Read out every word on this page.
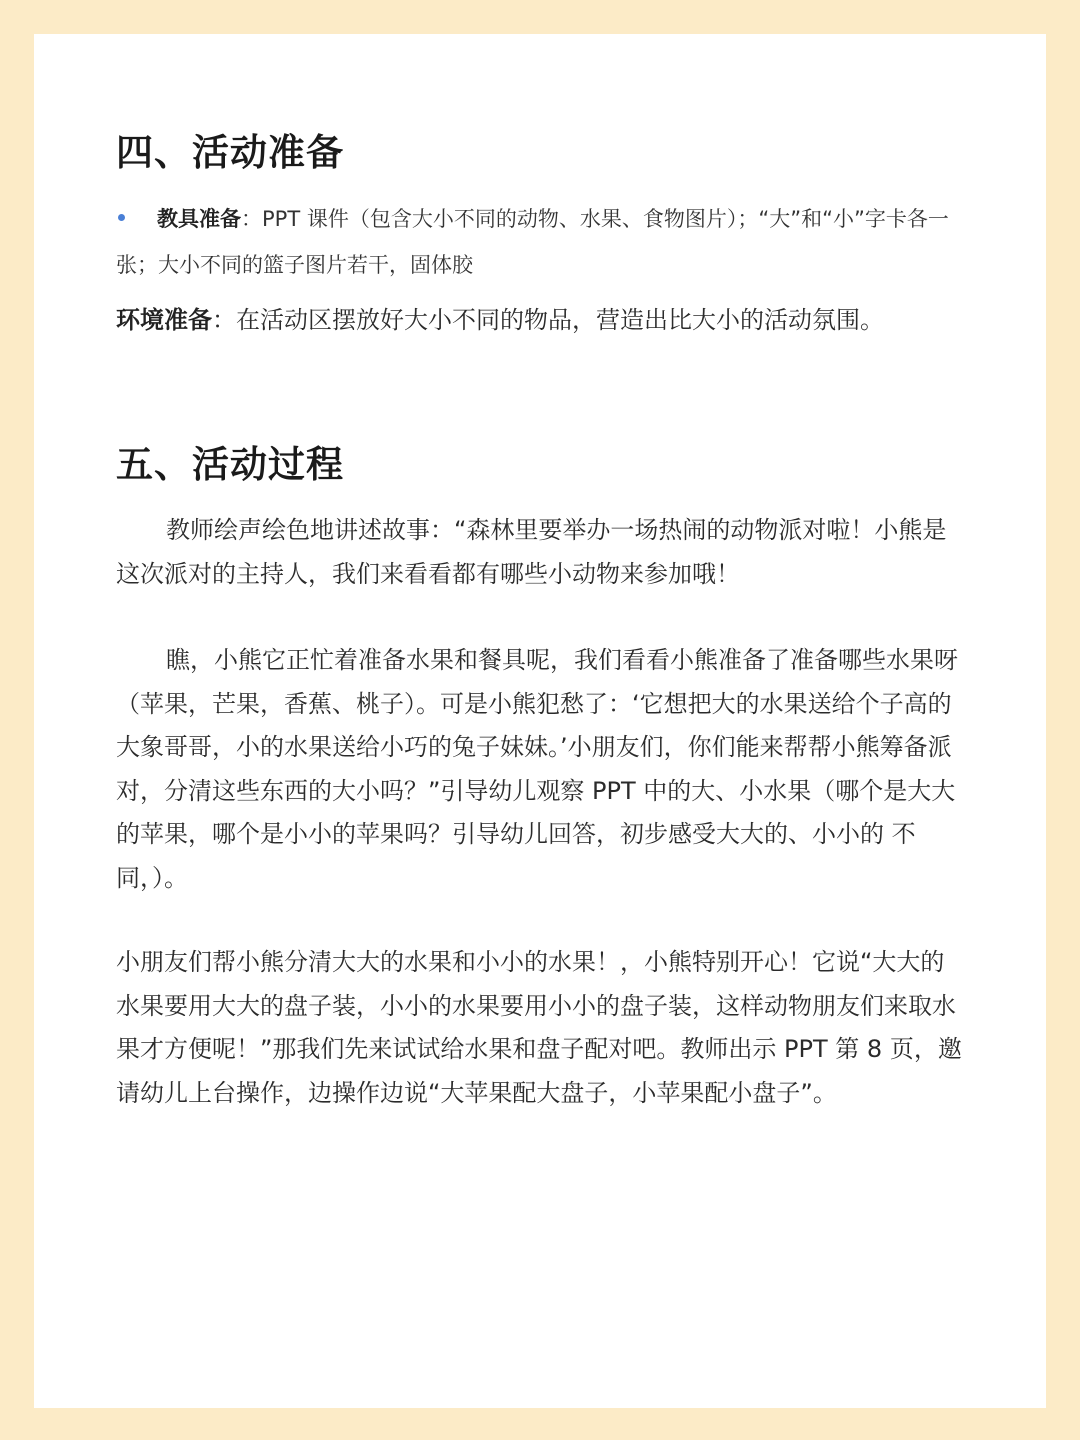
四、活动准备
教具准备：PPT 课件（包含大小不同的动物、水果、食物图片）；“大”和“小”字卡各一张；大小不同的篮子图片若干，固体胶
环境准备：在活动区摆放好大小不同的物品，营造出比大小的活动氛围。
五、活动过程

教师绘声绘色地讲述故事：“森林里要举办一场热闹的动物派对啦！小熊是这次派对的主持人，我们来看看都有哪些小动物来参加哦！

瞧，小熊它正忙着准备水果和餐具呢，我们看看小熊准备了准备哪些水果呀（苹果，芒果，香蕉、桃子）。可是小熊犯愁了：‘它想把大的水果送给个子高的大象哥哥，小的水果送给小巧的兔子妹妹。’小朋友们，你们能来帮帮小熊筹备派对，分清这些东西的大小吗？”引导幼儿观察 PPT 中的大、小水果（哪个是大大的苹果，哪个是小小的苹果吗？引导幼儿回答，初步感受大大的、小小的 不同，）。

小朋友们帮小熊分清大大的水果和小小的水果！，小熊特别开心！它说“大大的水果要用大大的盘子装，小小的水果要用小小的盘子装，这样动物朋友们来取水果才方便呢！”那我们先来试试给水果和盘子配对吧。教师出示 PPT 第 8 页，邀请幼儿上台操作，边操作边说“大苹果配大盘子，小苹果配小盘子”。
